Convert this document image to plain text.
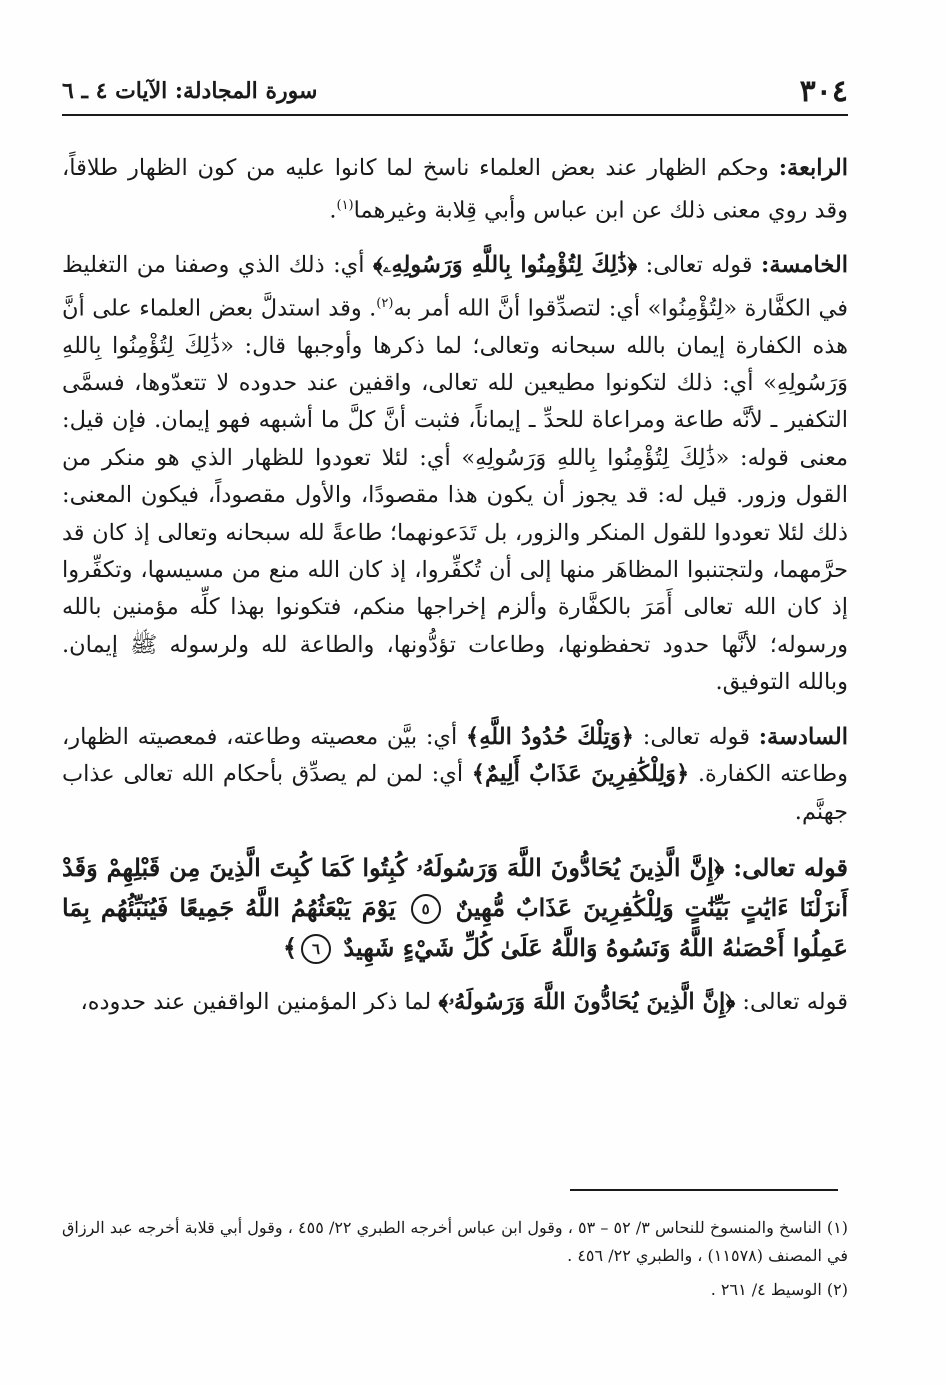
٣٠٤
سورة المجادلة: الآيات ٤ ـ ٦

الرابعة: وحكم الظهار عند بعض العلماء ناسخ لما كانوا عليه من كون الظهار طلاقاً، وقد روي معنى ذلك عن ابن عباس وأبي قِلابة وغيرهما$^{(١)}$.

الخامسة: قوله تعالى: ﴿ذَٰلِكَ لِتُؤْمِنُوا بِاللَّهِ وَرَسُولِهِۦ﴾ أي: ذلك الذي وصفنا من التغليظ في الكفَّارة «لِتُؤْمِنُوا» أي: لتصدِّقوا أنَّ الله أمر به$^{(٢)}$. وقد استدلَّ بعض العلماء على أنَّ هذه الكفارة إيمان بالله سبحانه وتعالى؛ لما ذكرها وأوجبها قال: «ذَٰلِكَ لِتُؤْمِنُوا بِاللهِ وَرَسُولِهِ» أي: ذلك لتكونوا مطيعين لله تعالى، واقفين عند حدوده لا تتعدّوها، فسمَّى التكفير ـ لأنَّه طاعة ومراعاة للحدِّ ـ إيماناً، فثبت أنَّ كلَّ ما أشبهه فهو إيمان. فإن قيل: معنى قوله: «ذَٰلِكَ لِتُؤْمِنُوا بِاللهِ وَرَسُولِهِ» أي: لئلا تعودوا للظهار الذي هو منكر من القول وزور. قيل له: قد يجوز أن يكون هذا مقصودًا، والأول مقصوداً، فيكون المعنى: ذلك لئلا تعودوا للقول المنكر والزور، بل تَدَعونهما؛ طاعةً لله سبحانه وتعالى إذ كان قد حرَّمهما، ولتجتنبوا المظاهَر منها إلى أن تُكفِّروا، إذ كان الله منع من مسيسها، وتكفِّروا إذ كان الله تعالى أَمَرَ بالكفَّارة وألزم إخراجها منكم، فتكونوا بهذا كلِّه مؤمنين بالله ورسوله؛ لأنَّها حدود تحفظونها، وطاعات تؤدُّونها، والطاعة لله ولرسوله ﷺ إيمان. وبالله التوفيق.

السادسة: قوله تعالى: ﴿وَتِلْكَ حُدُودُ اللَّهِ﴾ أي: بيَّن معصيته وطاعته، فمعصيته الظهار، وطاعته الكفارة. ﴿وَلِلْكَٰفِرِينَ عَذَابٌ أَلِيمٌ﴾ أي: لمن لم يصدِّق بأحكام الله تعالى عذاب جهنَّم.

قوله تعالى: ﴿إِنَّ الَّذِينَ يُحَادُّونَ اللَّهَ وَرَسُولَهُۥ كُبِتُوا كَمَا كُبِتَ الَّذِينَ مِن قَبْلِهِمْ وَقَدْ أَنزَلْنَا ءَايَٰتٍ بَيِّنَٰتٍ وَلِلْكَٰفِرِينَ عَذَابٌ مُّهِينٌ ٥ يَوْمَ يَبْعَثُهُمُ اللَّهُ جَمِيعًا فَيُنَبِّئُهُم بِمَا عَمِلُوا أَحْصَىٰهُ اللَّهُ وَنَسُوهُ وَاللَّهُ عَلَىٰ كُلِّ شَيْءٍ شَهِيدٌ ٦﴾

قوله تعالى: ﴿إِنَّ الَّذِينَ يُحَادُّونَ اللَّهَ وَرَسُولَهُۥ﴾ لما ذكر المؤمنين الواقفين عند حدوده،

(١) الناسخ والمنسوخ للنحاس ٣/ ٥٢ – ٥٣ ، وقول ابن عباس أخرجه الطبري ٢٢/ ٤٥٥ ، وقول أبي قلابة أخرجه عبد الرزاق في المصنف (١١٥٧٨) ، والطبري ٢٢/ ٤٥٦ .

(٢) الوسيط ٤/ ٢٦١ .
